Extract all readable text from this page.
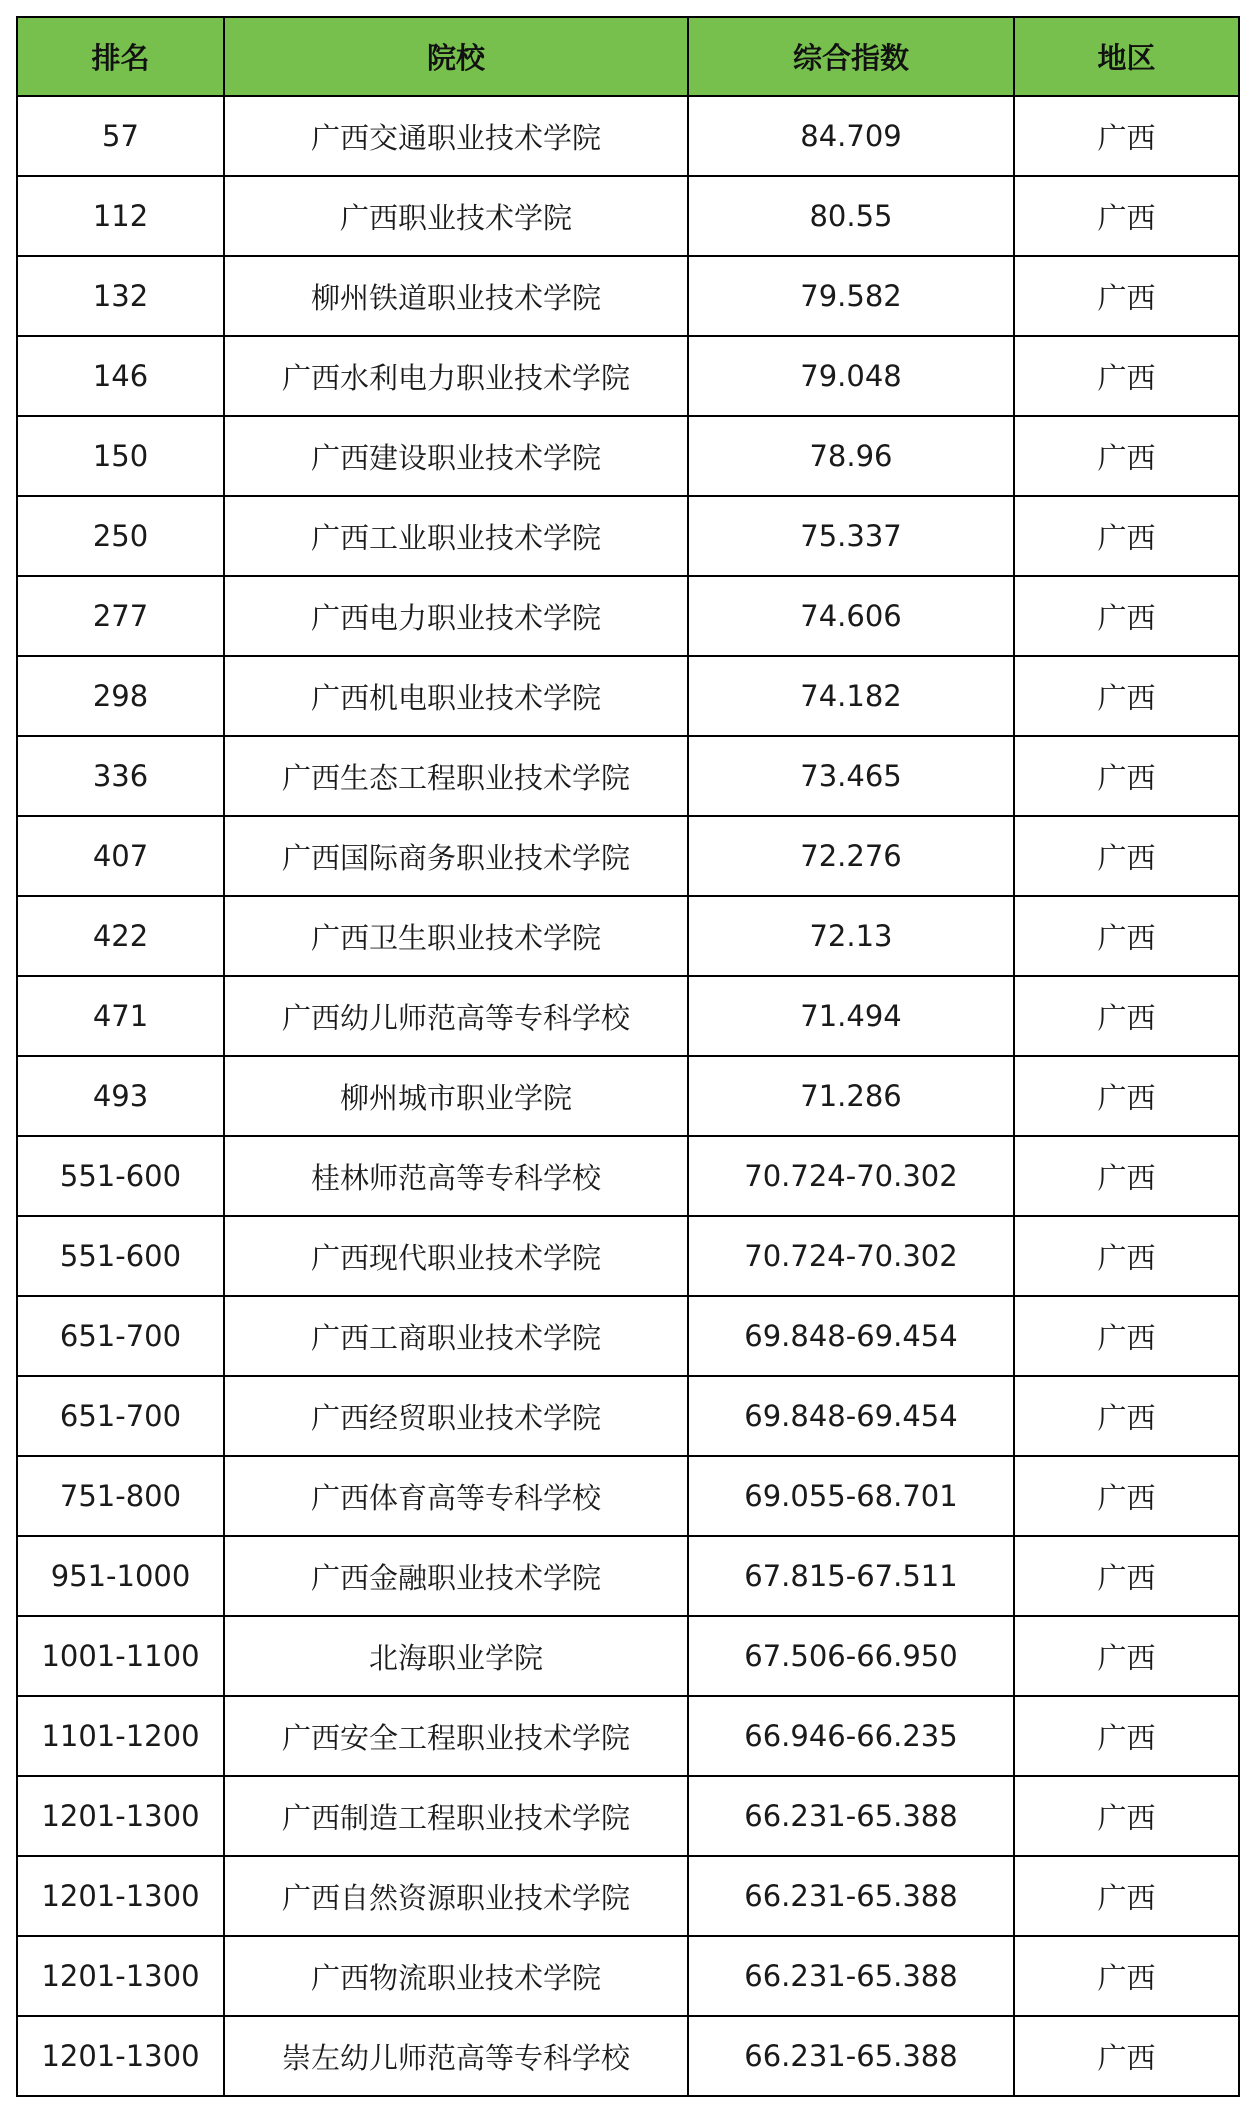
排名	院校	综合指数	地区
57	广西交通职业技术学院	84.709	广西
112	广西职业技术学院	80.55	广西
132	柳州铁道职业技术学院	79.582	广西
146	广西水利电力职业技术学院	79.048	广西
150	广西建设职业技术学院	78.96	广西
250	广西工业职业技术学院	75.337	广西
277	广西电力职业技术学院	74.606	广西
298	广西机电职业技术学院	74.182	广西
336	广西生态工程职业技术学院	73.465	广西
407	广西国际商务职业技术学院	72.276	广西
422	广西卫生职业技术学院	72.13	广西
471	广西幼儿师范高等专科学校	71.494	广西
493	柳州城市职业学院	71.286	广西
551-600	桂林师范高等专科学校	70.724-70.302	广西
551-600	广西现代职业技术学院	70.724-70.302	广西
651-700	广西工商职业技术学院	69.848-69.454	广西
651-700	广西经贸职业技术学院	69.848-69.454	广西
751-800	广西体育高等专科学校	69.055-68.701	广西
951-1000	广西金融职业技术学院	67.815-67.511	广西
1001-1100	北海职业学院	67.506-66.950	广西
1101-1200	广西安全工程职业技术学院	66.946-66.235	广西
1201-1300	广西制造工程职业技术学院	66.231-65.388	广西
1201-1300	广西自然资源职业技术学院	66.231-65.388	广西
1201-1300	广西物流职业技术学院	66.231-65.388	广西
1201-1300	崇左幼儿师范高等专科学校	66.231-65.388	广西
